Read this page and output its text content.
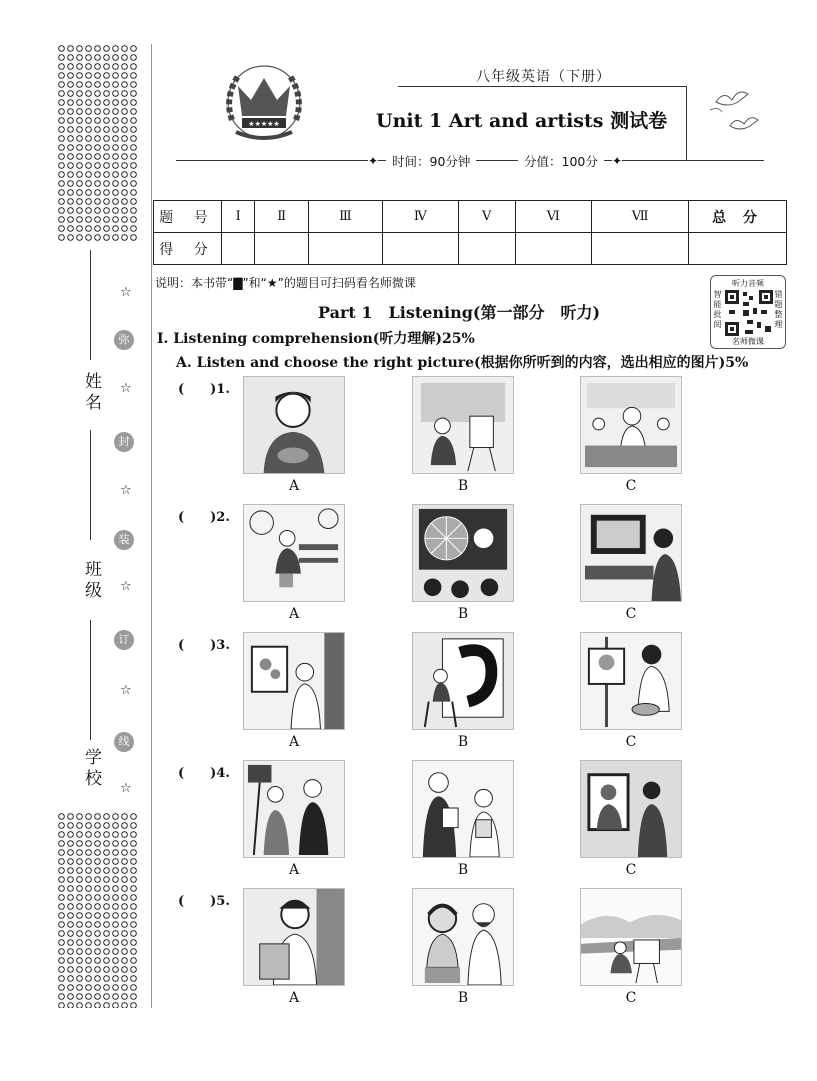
姓名
班级
学校
☆
弥
☆
封
☆
装
☆
订
☆
线
☆
★★★★★
八年级英语（下册）
Unit 1 Art and artists 测试卷
✦	时间：90分钟	分值：100分	✦
题 号	Ⅰ	Ⅱ	Ⅲ	Ⅳ	Ⅴ	Ⅵ	Ⅶ	总 分
得 分								
说明：本书带“▇”和“★”的题目可扫码看名师微课	听力音频
智能批阅
错题整理
名师微课
Part 1　Listening(第一部分　听力)
Ⅰ. Listening comprehension(听力理解)25%
A. Listen and choose the right picture(根据你所听到的内容，选出相应的图片)5%
(　　)1.
A	B	C
(　　)2.
A	B	C
(　　)3.
A	B	C
(　　)4.
A	B	C
(　　)5.
A	B	C
